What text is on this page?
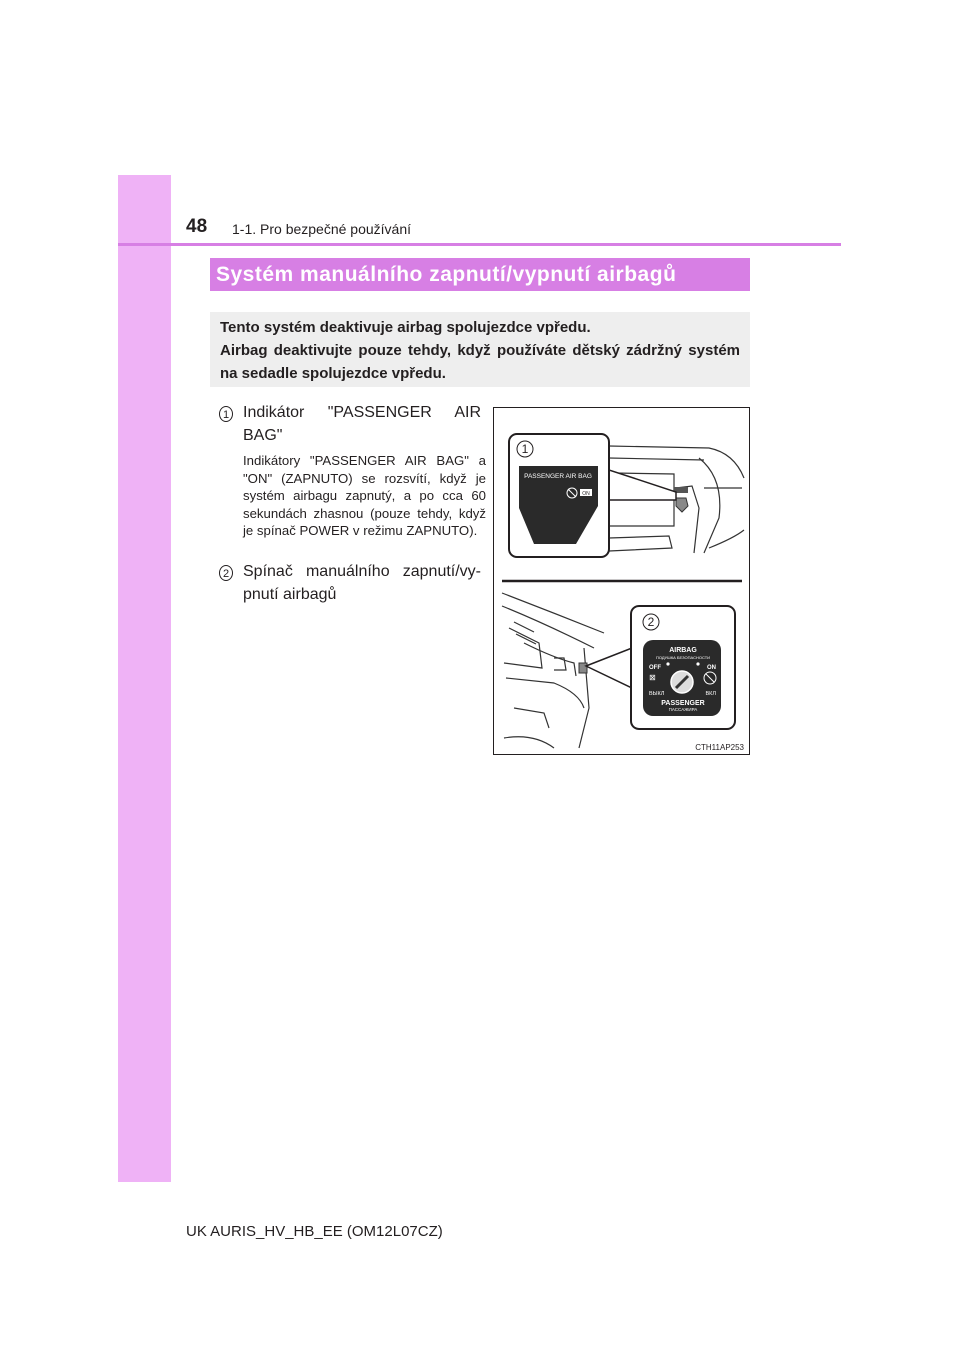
48 1-1. Pro bezpečné používání
Systém manuálního zapnutí/vypnutí airbagů

Tento systém deaktivuje airbag spolujezdce vpředu.

Airbag deaktivujte pouze tehdy, když používáte dětský zádržný systém na sedadle spolujezdce vpředu.

1 Indikátor "PASSENGER AIR BAG"
Indikátory "PASSENGER AIR BAG" a "ON" (ZAPNUTO) se rozsvítí, když je systém airbagu zapnutý, a po cca 60 sekundách zhasnou (pouze tehdy, když je spínač POWER v režimu ZAPNUTO).
2 Spínač manuálního zapnutí/vy-pnutí airbagů
1
PASSENGER AIR BAG
ON
2
AIRBAG
ПОДУШКА БЕЗОПАСНОСТИ
OFF	ON
⊠
ВЫКЛ	ВКЛ
PASSENGER
ПАССАЖИРА
CTH11AP253
UK AURIS_HV_HB_EE (OM12L07CZ)
